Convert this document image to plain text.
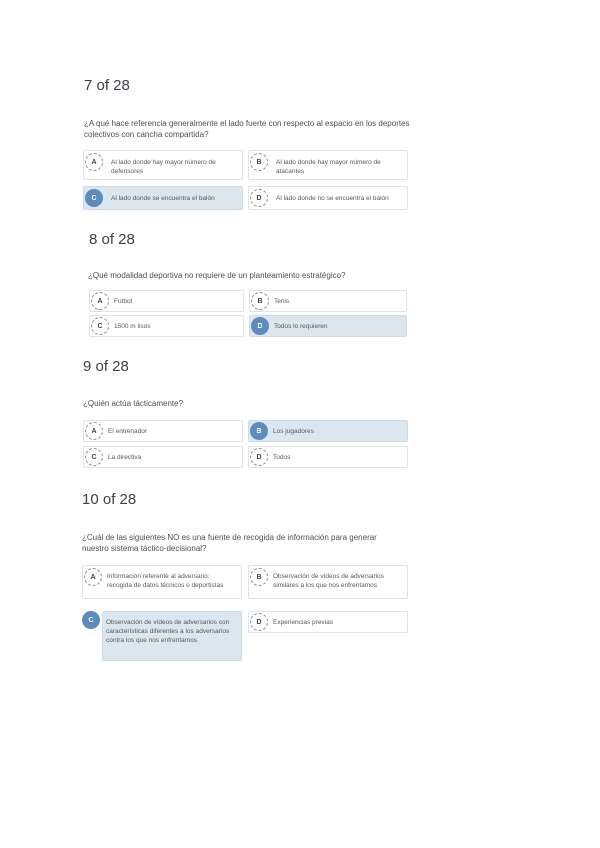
7 of 28
¿A qué hace referencia generalmente el lado fuerte con respecto al espacio en los deportes colectivos con cancha compartida?
A	Al lado donde hay mayor número de defensores
B	Al lado donde hay mayor número de atacantes
C	Al lado donde se encuentra el balón	D	Al lado donde no se encuentra el balón
8 of 28
¿Qué modalidad deportiva no requiere de un planteamiento estratégico?
A	Futbol	B	Tenis
C	1500 m lisos	D	Todos lo requieren
9 of 28
¿Quién actúa tácticamente?
A	El entrenador	B	Los jugadores
C	La directiva	D	Todos
10 of 28
¿Cuál de las siguientes NO es una fuente de recogida de información para generar nuestro sistema táctico-decisional?
A	Información referente al adversario: recogida de datos técnicos o deportistas
B	Observación de vídeos de adversarios similares a los que nos enfrentamos
Observación de vídeos de adversarios con características diferentes a los adversarios contra los que nos enfrentamos
C	D	Experiencias previas
